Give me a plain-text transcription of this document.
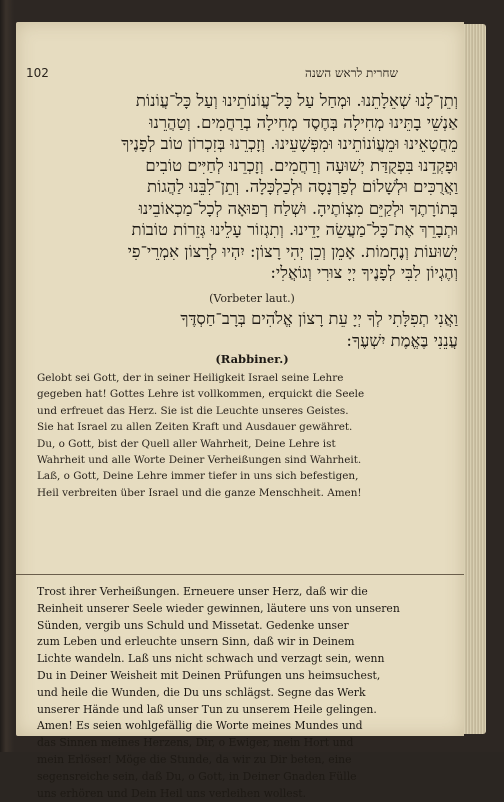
102	שחרית לראש השנה
וְתֵן־לָנוּ שְׁאֵלָתֵנוּ. וּמְחַל עַל כָּל־עֲוֹנוֹתֵינוּ וְעַל כָּל־עֲוֹנוֹת
אַנְשֵׁי בָתֵּינוּ מְחִילָה בְּחֶסֶד מְחִילָה בְרַחֲמִים. וְטַהֲרֵנוּ
מֵחֲטָאֵינוּ וּמֵעֲוֹנוֹתֵינוּ וּמִפְּשָׁעֵינוּ. וְזָכְרֵנוּ בְּזִכְרוֹן טוֹב לְפָנֶיךָ
וּפָקְדֵנוּ בִּפְקֻדַּת יְשׁוּעָה וְרַחֲמִים. וְזָכְרֵנוּ לְחַיִּים טוֹבִים
וַאֲרֻכִּים וּלְשָׁלוֹם לְפַרְנָסָה וּלְכַלְכָּלָה. וְתֵן־לִבֵּנוּ לַהֲגוֹת
בְּתוֹרָתֶךָ וּלְקַיֵּם מִצְוֹתֶיהָ. וּשְׁלַח רְפוּאָה לְכָל־מַכְאוֹבֵינוּ
וּתְבָרֵךְ אֶת־כָּל־מַעֲשֵׂה יָדֵינוּ. וְתִגְזוֹר עָלֵינוּ גְּזֵרוֹת טוֹבוֹת
יְשׁוּעוֹת וְנֶחָמוֹת. אָמֵן וְכֵן יְהִי רָצוֹן: יִהְיוּ לְרָצוֹן אִמְרֵי־פִי
וְהֶגְיוֹן לִבִּי לְפָנֶיךָ יְיָ צוּרִי וְגוֹאֲלִי:
(Vorbeter laut.)
וַאֲנִי תְפִלָּתִי לְךָ יְיָ עֵת רָצוֹן אֱלֹהִים בְּרָב־חַסְדֶּךָ
עֲנֵנִי בֶּאֱמֶת יִשְׁעֶךָ:
(Rabbiner.)
Gelobt sei Gott, der in seiner Heiligkeit Israel seine Lehre
gegeben hat! Gottes Lehre ist vollkommen, erquickt die Seele
und erfreuet das Herz. Sie ist die Leuchte unseres Geistes.
Sie hat Israel zu allen Zeiten Kraft und Ausdauer gewähret.
Du, o Gott, bist der Quell aller Wahrheit, Deine Lehre ist
Wahrheit und alle Worte Deiner Verheißungen sind Wahrheit.
Laß, o Gott, Deine Lehre immer tiefer in uns sich befestigen,
Heil verbreiten über Israel und die ganze Menschheit. Amen!
Trost ihrer Verheißungen. Erneuere unser Herz, daß wir die
Reinheit unserer Seele wieder gewinnen, läutere uns von unseren
Sünden, vergib uns Schuld und Missetat. Gedenke unser
zum Leben und erleuchte unsern Sinn, daß wir in Deinem
Lichte wandeln. Laß uns nicht schwach und verzagt sein, wenn
Du in Deiner Weisheit mit Deinen Prüfungen uns heimsuchest,
und heile die Wunden, die Du uns schlägst. Segne das Werk
unserer Hände und laß unser Tun zu unserem Heile gelingen.
Amen! Es seien wohlgefällig die Worte meines Mundes und
das Sinnen meines Herzens, Dir, o Ewiger, mein Hort und
mein Erlöser! Möge die Stunde, da wir zu Dir beten, eine
segensreiche sein, daß Du, o Gott, in Deiner Gnaden Fülle
uns erhören und Dein Heil uns verleihen wollest.
